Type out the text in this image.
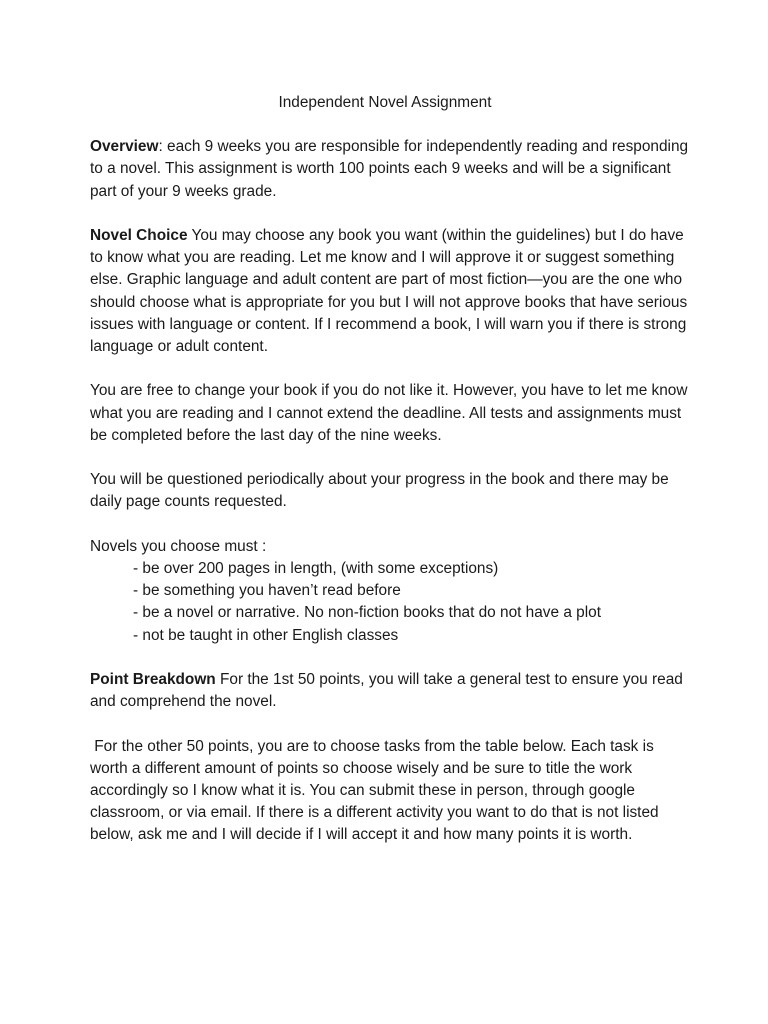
Independent Novel Assignment

Overview: each 9 weeks you are responsible for independently reading and responding to a novel. This assignment is worth 100 points each 9 weeks and will be a significant part of your 9 weeks grade.

Novel Choice You may choose any book you want (within the guidelines) but I do have to know what you are reading. Let me know and I will approve it or suggest something else. Graphic language and adult content are part of most fiction—you are the one who should choose what is appropriate for you but I will not approve books that have serious issues with language or content. If I recommend a book, I will warn you if there is strong language or adult content.

You are free to change your book if you do not like it. However, you have to let me know what you are reading and I cannot extend the deadline. All tests and assignments must be completed before the last day of the nine weeks.

You will be questioned periodically about your progress in the book and there may be daily page counts requested.

Novels you choose must :
- be over 200 pages in length, (with some exceptions)
- be something you haven’t read before
- be a novel or narrative. No non-fiction books that do not have a plot
- not be taught in other English classes

Point Breakdown For the 1st 50 points, you will take a general test to ensure you read and comprehend the novel.

For the other 50 points, you are to choose tasks from the table below. Each task is worth a different amount of points so choose wisely and be sure to title the work accordingly so I know what it is. You can submit these in person, through google classroom, or via email. If there is a different activity you want to do that is not listed below, ask me and I will decide if I will accept it and how many points it is worth.
